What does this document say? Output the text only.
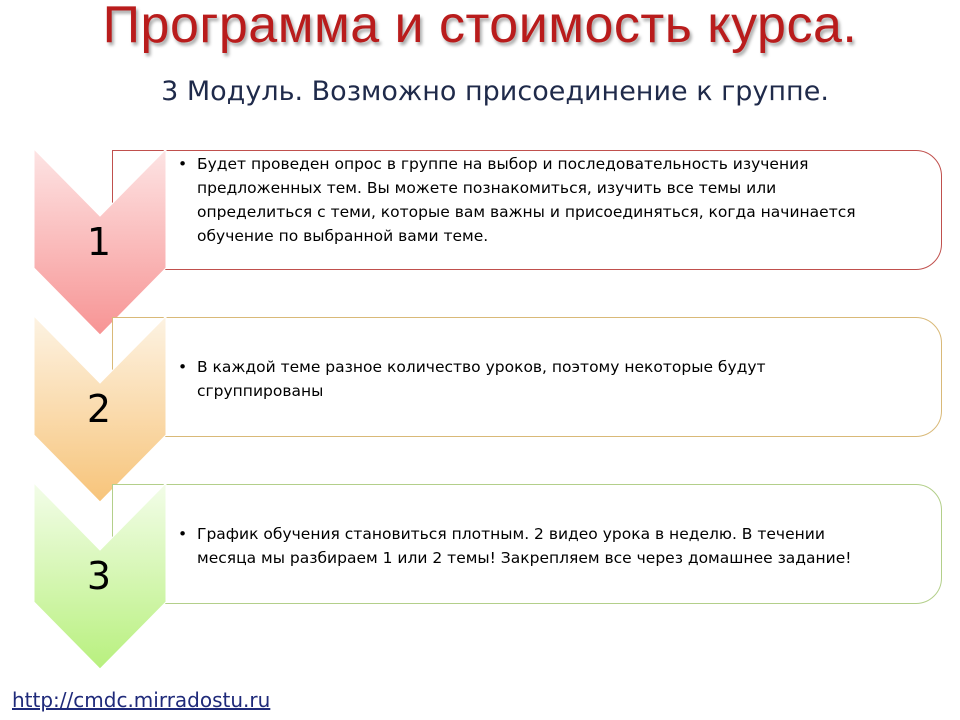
Программа и стоимость курса.
3 Модуль. Возможно присоединение к группе.
• Будет проведен опрос в группе на выбор и последовательность изучения
предложенных тем. Вы можете познакомиться, изучить все темы или
определиться с теми, которые вам важны и присоединяться, когда начинается
обучение по выбранной вами теме.
1
• В каждой теме разное количество уроков, поэтому некоторые будут
сгруппированы
2
• График обучения становиться плотным. 2 видео урока в неделю. В течении
месяца мы разбираем 1 или 2 темы! Закрепляем все через домашнее задание!
3
http://cmdc.mirradostu.ru
